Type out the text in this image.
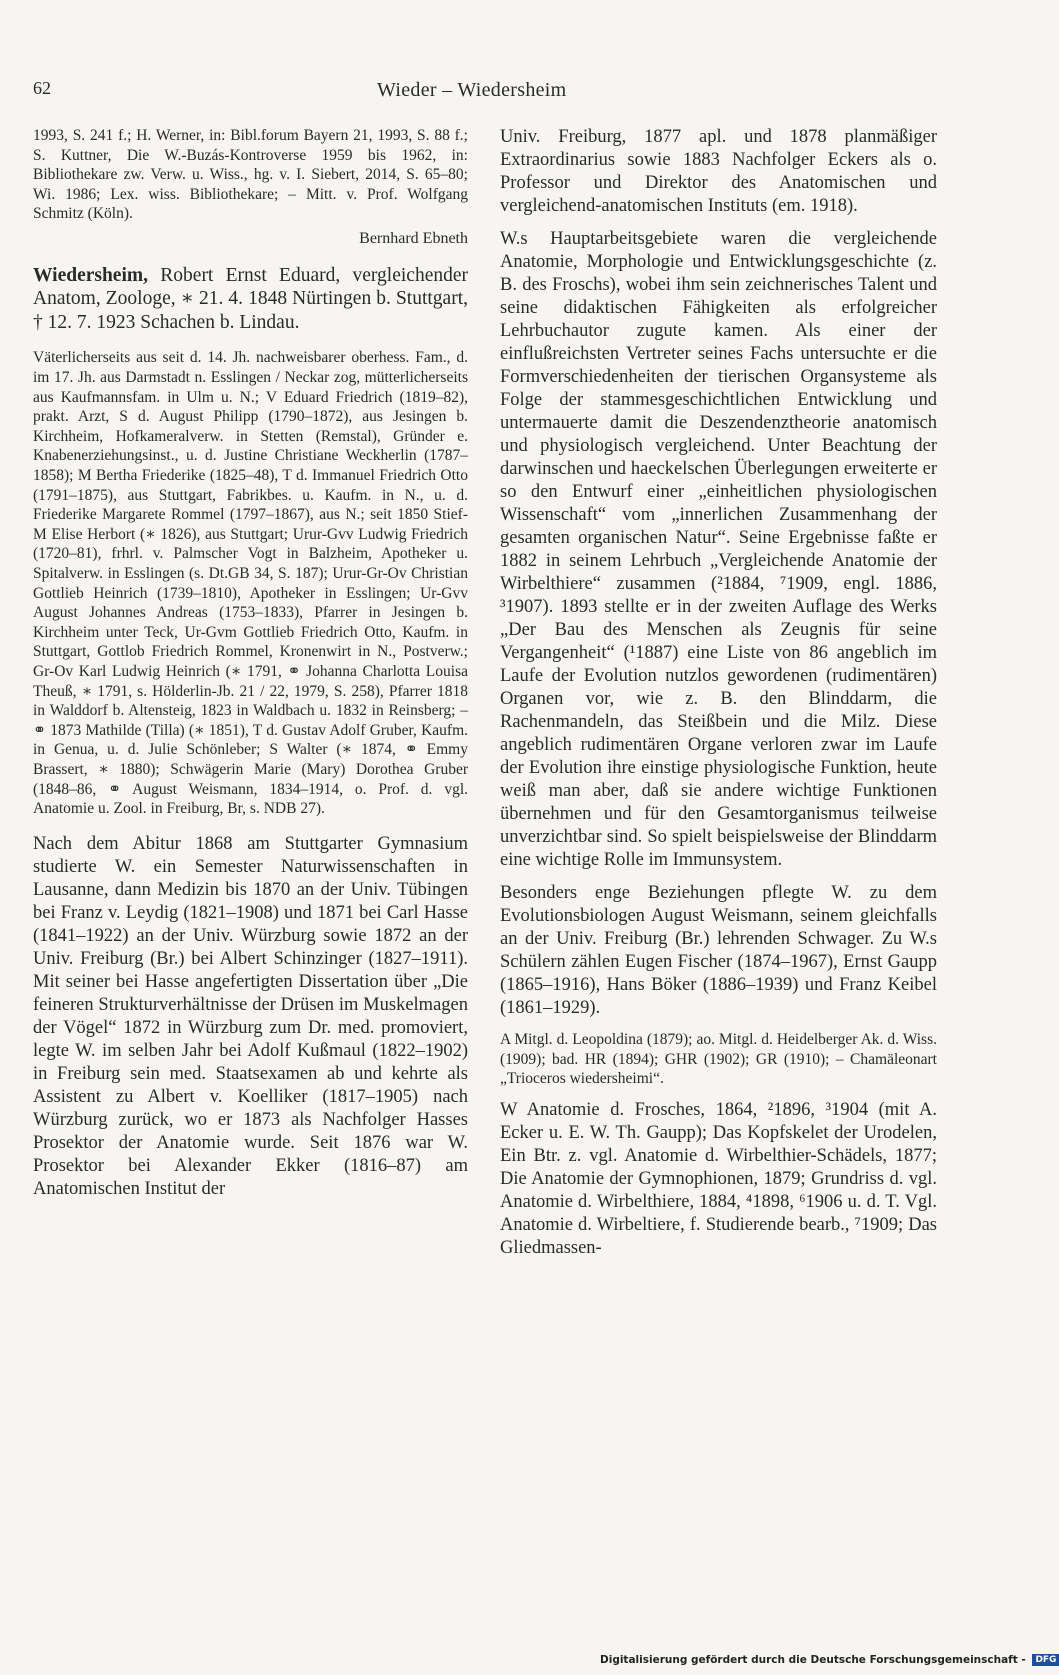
62	Wieder – Wiedersheim

1993, S. 241 f.; H. Werner, in: Bibl.forum Bayern 21, 1993, S. 88 f.; S. Kuttner, Die W.-Buzás-Kontroverse 1959 bis 1962, in: Bibliothekare zw. Verw. u. Wiss., hg. v. I. Siebert, 2014, S. 65–80; Wi. 1986; Lex. wiss. Bibliothekare; – Mitt. v. Prof. Wolfgang Schmitz (Köln).

Bernhard Ebneth

Wiedersheim, Robert Ernst Eduard, vergleichender Anatom, Zoologe, ∗ 21. 4. 1848 Nürtingen b. Stuttgart, † 12. 7. 1923 Schachen b. Lindau.

Väterlicherseits aus seit d. 14. Jh. nachweisbarer oberhess. Fam., d. im 17. Jh. aus Darmstadt n. Esslingen / Neckar zog, mütterlicherseits aus Kaufmannsfam. in Ulm u. N.; V Eduard Friedrich (1819–82), prakt. Arzt, S d. August Philipp (1790–1872), aus Jesingen b. Kirchheim, Hofkameralverw. in Stetten (Remstal), Gründer e. Knabenerziehungsinst., u. d. Justine Christiane Weckherlin (1787–1858); M Bertha Friederike (1825–48), T d. Immanuel Friedrich Otto (1791–1875), aus Stuttgart, Fabrikbes. u. Kaufm. in N., u. d. Friederike Margarete Rommel (1797–1867), aus N.; seit 1850 Stief-M Elise Herbort (∗ 1826), aus Stuttgart; Urur-Gvv Ludwig Friedrich (1720–81), frhrl. v. Palmscher Vogt in Balzheim, Apotheker u. Spitalverw. in Esslingen (s. Dt.GB 34, S. 187); Urur-Gr-Ov Christian Gottlieb Heinrich (1739–1810), Apotheker in Esslingen; Ur-Gvv August Johannes Andreas (1753–1833), Pfarrer in Jesingen b. Kirchheim unter Teck, Ur-Gvm Gottlieb Friedrich Otto, Kaufm. in Stuttgart, Gottlob Friedrich Rommel, Kronenwirt in N., Postverw.; Gr-Ov Karl Ludwig Heinrich (∗ 1791, ⚭ Johanna Charlotta Louisa Theuß, ∗ 1791, s. Hölderlin-Jb. 21 / 22, 1979, S. 258), Pfarrer 1818 in Walddorf b. Altensteig, 1823 in Waldbach u. 1832 in Reinsberg; – ⚭ 1873 Mathilde (Tilla) (∗ 1851), T d. Gustav Adolf Gruber, Kaufm. in Genua, u. d. Julie Schönleber; S Walter (∗ 1874, ⚭ Emmy Brassert, ∗ 1880); Schwägerin Marie (Mary) Dorothea Gruber (1848–86, ⚭ August Weismann, 1834–1914, o. Prof. d. vgl. Anatomie u. Zool. in Freiburg, Br, s. NDB 27).

Nach dem Abitur 1868 am Stuttgarter Gymnasium studierte W. ein Semester Naturwissenschaften in Lausanne, dann Medizin bis 1870 an der Univ. Tübingen bei Franz v. Leydig (1821–1908) und 1871 bei Carl Hasse (1841–1922) an der Univ. Würzburg sowie 1872 an der Univ. Freiburg (Br.) bei Albert Schinzinger (1827–1911). Mit seiner bei Hasse angefertigten Dissertation über „Die feineren Strukturverhältnisse der Drüsen im Muskelmagen der Vögel“ 1872 in Würzburg zum Dr. med. promoviert, legte W. im selben Jahr bei Adolf Kußmaul (1822–1902) in Freiburg sein med. Staatsexamen ab und kehrte als Assistent zu Albert v. Koelliker (1817–1905) nach Würzburg zurück, wo er 1873 als Nachfolger Hasses Prosektor der Anatomie wurde. Seit 1876 war W. Prosektor bei Alexander Ekker (1816–87) am Anatomischen Institut der

Univ. Freiburg, 1877 apl. und 1878 planmäßiger Extraordinarius sowie 1883 Nachfolger Eckers als o. Professor und Direktor des Anatomischen und vergleichend-anatomischen Instituts (em. 1918).

W.s Hauptarbeitsgebiete waren die vergleichende Anatomie, Morphologie und Entwicklungsgeschichte (z. B. des Froschs), wobei ihm sein zeichnerisches Talent und seine didaktischen Fähigkeiten als erfolgreicher Lehrbuchautor zugute kamen. Als einer der einflußreichsten Vertreter seines Fachs untersuchte er die Formverschiedenheiten der tierischen Organsysteme als Folge der stammesgeschichtlichen Entwicklung und untermauerte damit die Deszendenztheorie anatomisch und physiologisch vergleichend. Unter Beachtung der darwinschen und haeckelschen Überlegungen erweiterte er so den Entwurf einer „einheitlichen physiologischen Wissenschaft“ vom „innerlichen Zusammenhang der gesamten organischen Natur“. Seine Ergebnisse faßte er 1882 in seinem Lehrbuch „Vergleichende Anatomie der Wirbelthiere“ zusammen (²1884, ⁷1909, engl. 1886, ³1907). 1893 stellte er in der zweiten Auflage des Werks „Der Bau des Menschen als Zeugnis für seine Vergangenheit“ (¹1887) eine Liste von 86 angeblich im Laufe der Evolution nutzlos gewordenen (rudimentären) Organen vor, wie z. B. den Blinddarm, die Rachenmandeln, das Steißbein und die Milz. Diese angeblich rudimentären Organe verloren zwar im Laufe der Evolution ihre einstige physiologische Funktion, heute weiß man aber, daß sie andere wichtige Funktionen übernehmen und für den Gesamtorganismus teilweise unverzichtbar sind. So spielt beispielsweise der Blinddarm eine wichtige Rolle im Immunsystem.

Besonders enge Beziehungen pflegte W. zu dem Evolutionsbiologen August Weismann, seinem gleichfalls an der Univ. Freiburg (Br.) lehrenden Schwager. Zu W.s Schülern zählen Eugen Fischer (1874–1967), Ernst Gaupp (1865–1916), Hans Böker (1886–1939) und Franz Keibel (1861–1929).

A Mitgl. d. Leopoldina (1879); ao. Mitgl. d. Heidelberger Ak. d. Wiss. (1909); bad. HR (1894); GHR (1902); GR (1910); – Chamäleonart „Trioceros wiedersheimi“.

W Anatomie d. Frosches, 1864, ²1896, ³1904 (mit A. Ecker u. E. W. Th. Gaupp); Das Kopfskelet der Urodelen, Ein Btr. z. vgl. Anatomie d. Wirbelthier-Schädels, 1877; Die Anatomie der Gymnophionen, 1879; Grundriss d. vgl. Anatomie d. Wirbelthiere, 1884, ⁴1898, ⁶1906 u. d. T. Vgl. Anatomie d. Wirbeltiere, f. Studierende bearb., ⁷1909; Das Gliedmassen-

Digitalisierung gefördert durch die Deutsche Forschungsgemeinschaft - DFG
